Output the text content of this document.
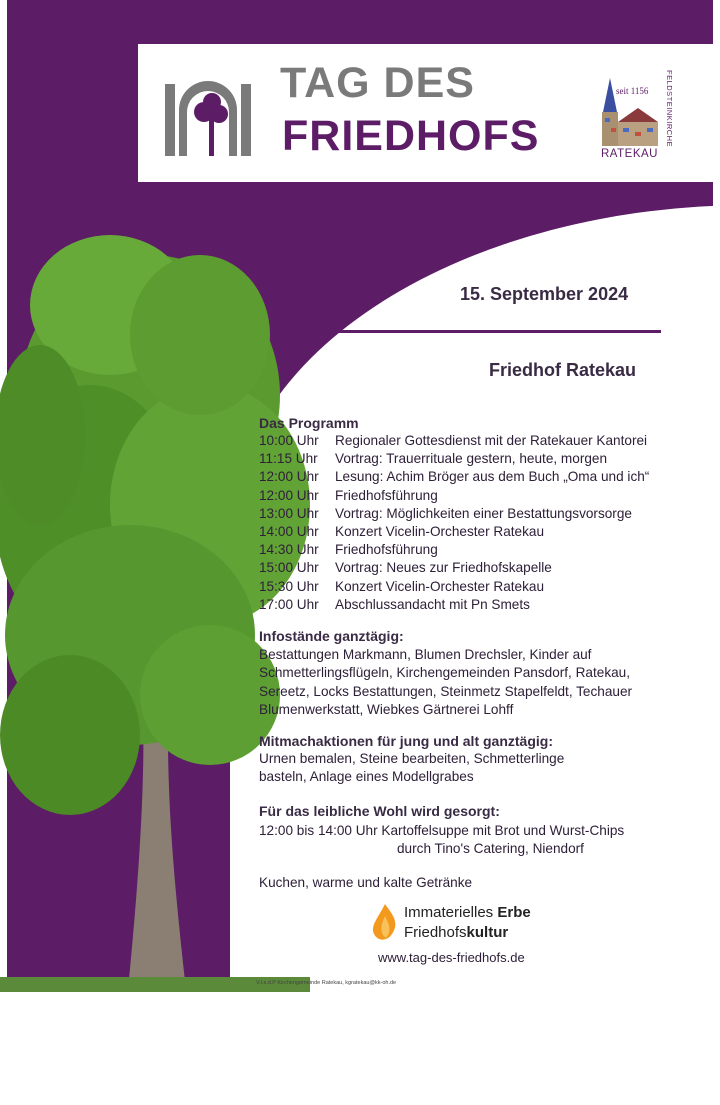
TAG DES
FRIEDHOFS
seit 1156 FELDSTEINKIRCHE
RATEKAU
15. September 2024
Friedhof Ratekau
Das Programm
10:00 Uhr	Regionaler Gottesdienst mit der Ratekauer Kantorei
11:15 Uhr	Vortrag: Trauerrituale gestern, heute, morgen
12:00 Uhr	Lesung: Achim Bröger aus dem Buch „Oma und ich“
12:00 Uhr	Friedhofsführung
13:00 Uhr	Vortrag: Möglichkeiten einer Bestattungsvorsorge
14:00 Uhr	Konzert Vicelin-Orchester Ratekau
14:30 Uhr	Friedhofsführung
15:00 Uhr	Vortrag: Neues zur Friedhofskapelle
15:30 Uhr	Konzert Vicelin-Orchester Ratekau
17:00 Uhr	Abschlussandacht mit Pn Smets
Infostände ganztägig:
Bestattungen Markmann, Blumen Drechsler, Kinder auf
Schmetterlingsflügeln, Kirchengemeinden Pansdorf, Ratekau,
Sereetz, Locks Bestattungen, Steinmetz Stapelfeldt, Techauer
Blumenwerkstatt, Wiebkes Gärtnerei Lohff
Mitmachaktionen für jung und alt ganztägig:
Urnen bemalen, Steine bearbeiten, Schmetterlinge
basteln, Anlage eines Modellgrabes
Für das leibliche Wohl wird gesorgt:
12:00 bis 14:00 Uhr Kartoffelsuppe mit Brot und Wurst-Chips
durch Tino's Catering, Niendorf
Kuchen, warme und kalte Getränke
Immaterielles Erbe
Friedhofskultur
www.tag-des-friedhofs.de
V.i.s.d.P Kirchengemeinde Ratekau, kgratekau@kk-oh.de
